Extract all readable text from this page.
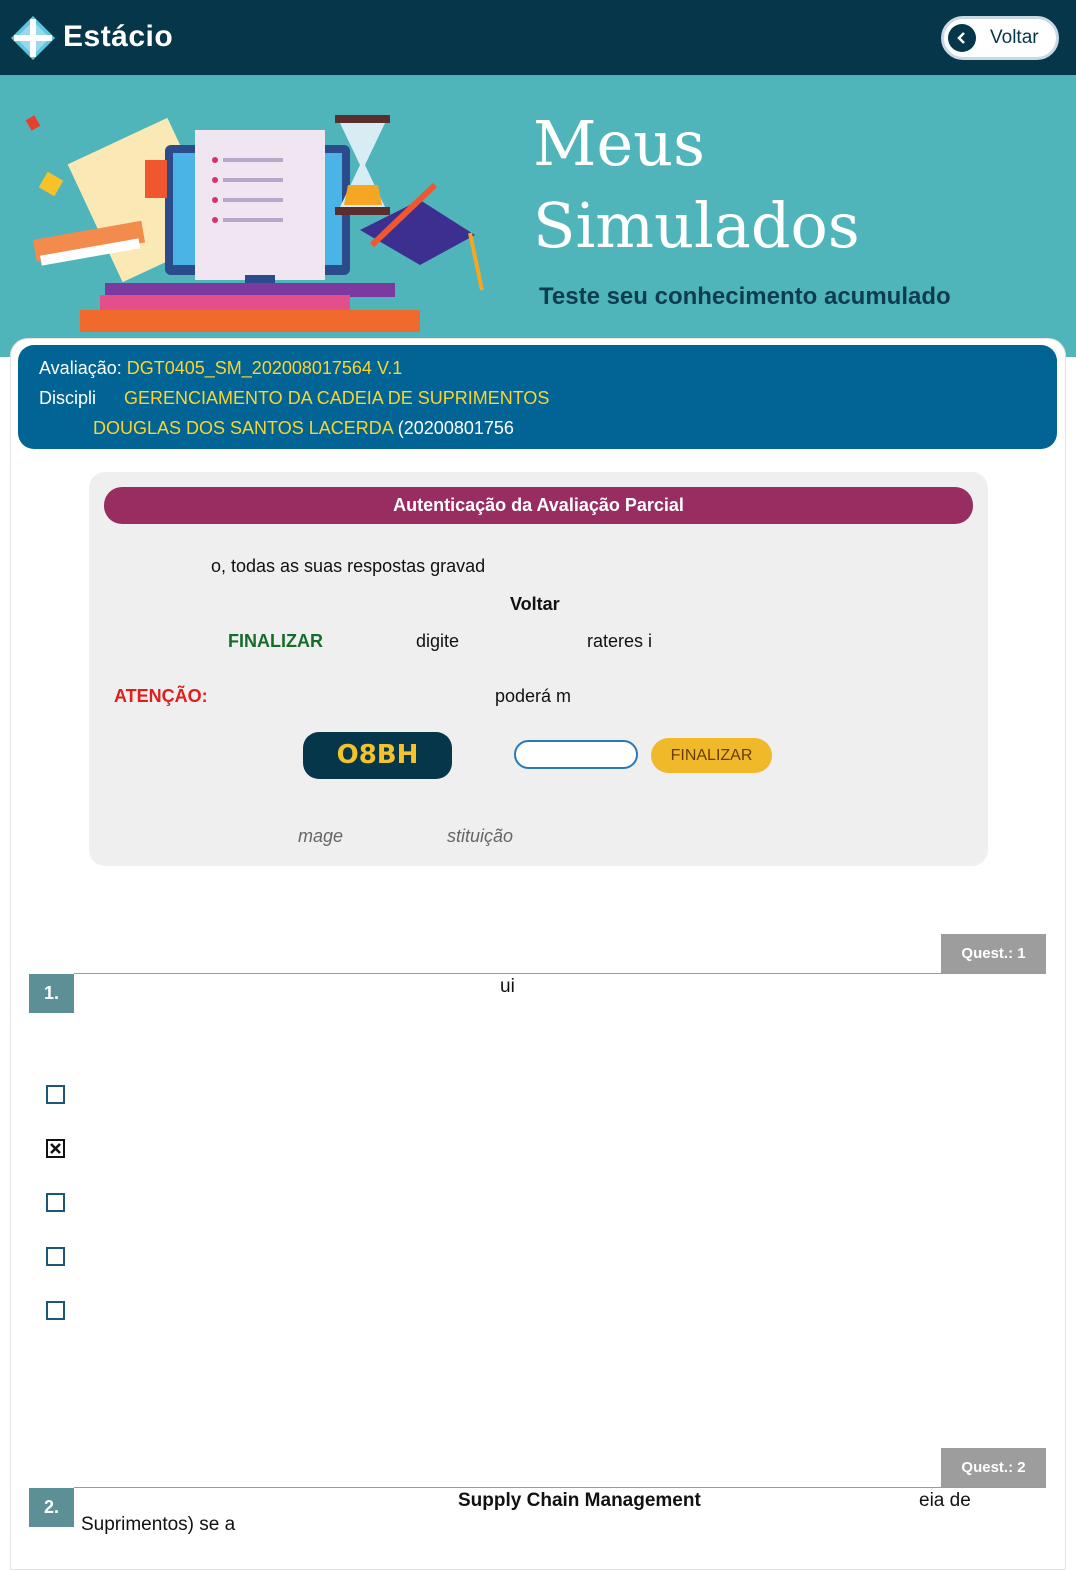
Estácio	Voltar
Meus
Simulados
Teste seu conhecimento acumulado
Avaliação: DGT0405_SM_202008017564 V.1
Discipli GERENCIAMENTO DA CADEIA DE SUPRIMENTOS
DOUGLAS DOS SANTOS LACERDA (20200801756
Autenticação da Avaliação Parcial
o, todas as suas respostas gravad
Voltar
FINALIZAR	digite	rateres i
ATENÇÃO:	poderá m
O8BH	FINALIZAR
mage	stituição
Quest.: 1
1.	ui
Quest.: 2
2.	Supply Chain Management	eia de
Suprimentos) se a
